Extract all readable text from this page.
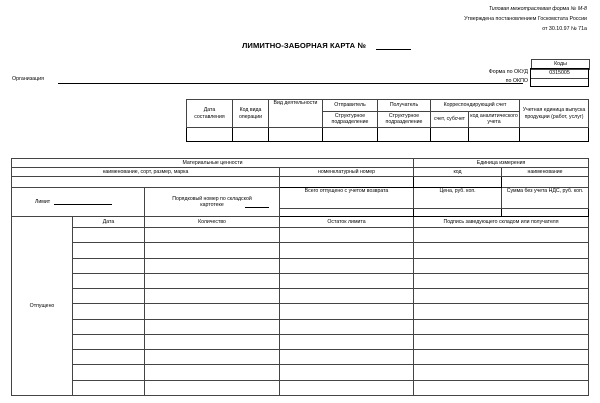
Типовая межотраслевая форма № М-8
Утверждена постановлением Госкомстата России
от 30.10.97 № 71а
ЛИМИТНО-ЗАБОРНАЯ КАРТА №
Коды
0315005
Форма по ОКУД
по ОКПО
Организация
Дата составления	Код вида операции	Вид деятельности	Отправитель	Получатель	Корреспондирующий счет		Учетная единица выпуска продукции (работ, услуг)
			Структурное подразделение	Структурное подразделение	счет, субсчет	код аналитического учета	

Материальные ценности				Единица измерения	
наименование, сорт, размер, марка			номенклатурный номер	код	наименование

Лимит		Порядковый номер по складской картотеке	Всего отпущено с учетом возврата	Цена, руб. коп.	Сумма без учета НДС, руб. коп.

Отпущено	Дата	Количество	Остаток лимита	Подпись заведующего складом или получателя	
